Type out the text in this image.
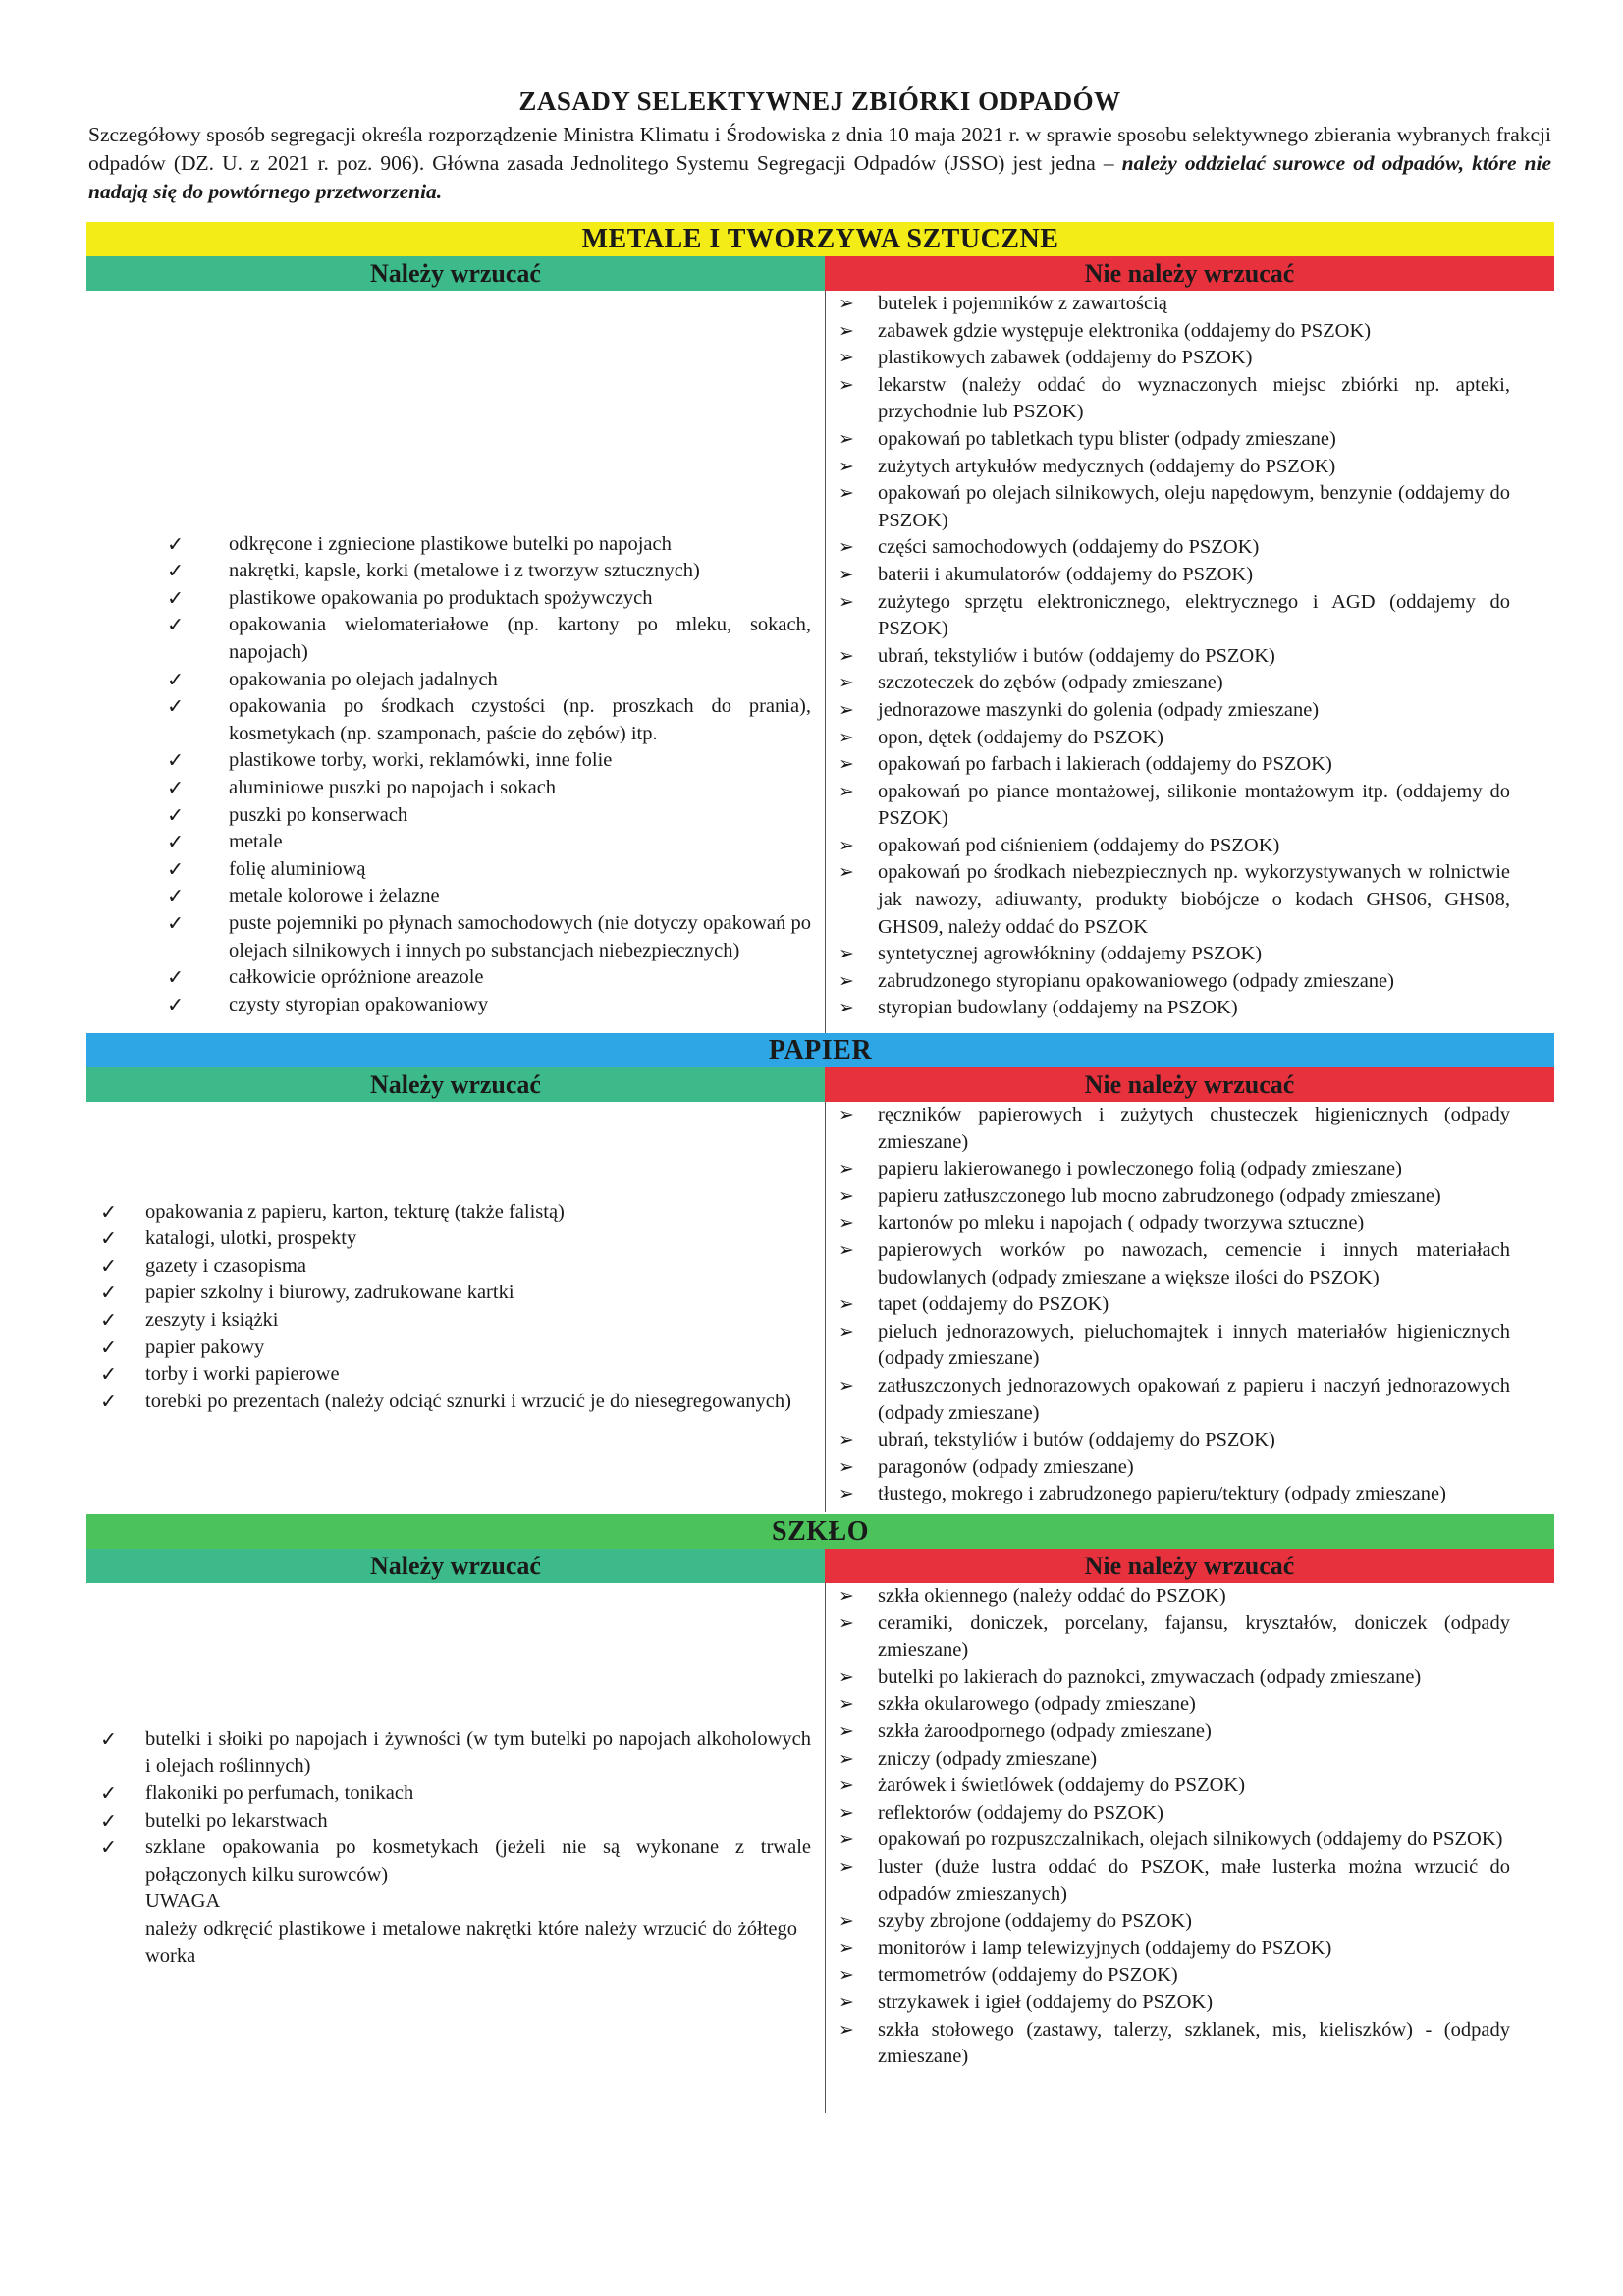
ZASADY SELEKTYWNEJ ZBIÓRKI ODPADÓW
Szczegółowy sposób segregacji określa rozporządzenie Ministra Klimatu i Środowiska z dnia 10 maja 2021 r. w sprawie sposobu selektywnego zbierania wybranych frakcji odpadów (DZ. U. z 2021 r. poz. 906). Główna zasada Jednolitego Systemu Segregacji Odpadów (JSSO) jest jedna – należy oddzielać surowce od odpadów, które nie nadają się do powtórnego przetworzenia.
METALE I TWORZYWA SZTUCZNE
Należy wrzucać	Nie należy wrzucać
✓ odkręcone i zgniecione plastikowe butelki po napojach
✓ nakrętki, kapsle, korki (metalowe i z tworzyw sztucznych)
✓ plastikowe opakowania po produktach spożywczych
✓ opakowania wielomateriałowe (np. kartony po mleku, sokach, napojach)
✓ opakowania po olejach jadalnych
✓ opakowania po środkach czystości (np. proszkach do prania), kosmetykach (np. szamponach, paście do zębów) itp.
✓ plastikowe torby, worki, reklamówki, inne folie
✓ aluminiowe puszki po napojach i sokach
✓ puszki po konserwach
✓ metale
✓ folię aluminiową
✓ metale kolorowe i żelazne
✓ puste pojemniki po płynach samochodowych (nie dotyczy opakowań po olejach silnikowych i innych po substancjach niebezpiecznych)
✓ całkowicie opróżnione areazole
✓ czysty styropian opakowaniowy
➢ butelek i pojemników z zawartością
➢ zabawek gdzie występuje elektronika (oddajemy do PSZOK)
➢ plastikowych zabawek (oddajemy do PSZOK)
➢ lekarstw (należy oddać do wyznaczonych miejsc zbiórki np. apteki, przychodnie lub PSZOK)
➢ opakowań po tabletkach typu blister (odpady zmieszane)
➢ zużytych artykułów medycznych (oddajemy do PSZOK)
➢ opakowań po olejach silnikowych, oleju napędowym, benzynie (oddajemy do PSZOK)
➢ części samochodowych (oddajemy do PSZOK)
➢ baterii i akumulatorów (oddajemy do PSZOK)
➢ zużytego sprzętu elektronicznego, elektrycznego i AGD (oddajemy do PSZOK)
➢ ubrań, tekstyliów i butów (oddajemy do PSZOK)
➢ szczoteczek do zębów (odpady zmieszane)
➢ jednorazowe maszynki do golenia (odpady zmieszane)
➢ opon, dętek (oddajemy do PSZOK)
➢ opakowań po farbach i lakierach (oddajemy do PSZOK)
➢ opakowań po piance montażowej, silikonie montażowym itp. (oddajemy do PSZOK)
➢ opakowań pod ciśnieniem (oddajemy do PSZOK)
➢ opakowań po środkach niebezpiecznych np. wykorzystywanych w rolnictwie jak nawozy, adiuwanty, produkty biobójcze o kodach GHS06, GHS08, GHS09, należy oddać do PSZOK
➢ syntetycznej agrowłókniny (oddajemy PSZOK)
➢ zabrudzonego styropianu opakowaniowego (odpady zmieszane)
➢ styropian budowlany (oddajemy na PSZOK)
PAPIER
Należy wrzucać	Nie należy wrzucać
✓ opakowania z papieru, karton, tekturę (także falistą)
✓ katalogi, ulotki, prospekty
✓ gazety i czasopisma
✓ papier szkolny i biurowy, zadrukowane kartki
✓ zeszyty i książki
✓ papier pakowy
✓ torby i worki papierowe
✓ torebki po prezentach (należy odciąć sznurki i wrzucić je do niesegregowanych)
➢ ręczników papierowych i zużytych chusteczek higienicznych (odpady zmieszane)
➢ papieru lakierowanego i powleczonego folią (odpady zmieszane)
➢ papieru zatłuszczonego lub mocno zabrudzonego (odpady zmieszane)
➢ kartonów po mleku i napojach ( odpady tworzywa sztuczne)
➢ papierowych worków po nawozach, cemencie i innych materiałach budowlanych (odpady zmieszane a większe ilości do PSZOK)
➢ tapet (oddajemy do PSZOK)
➢ pieluch jednorazowych, pieluchomajtek i innych materiałów higienicznych (odpady zmieszane)
➢ zatłuszczonych jednorazowych opakowań z papieru i naczyń jednorazowych (odpady zmieszane)
➢ ubrań, tekstyliów i butów (oddajemy do PSZOK)
➢ paragonów (odpady zmieszane)
➢ tłustego, mokrego i zabrudzonego papieru/tektury (odpady zmieszane)
SZKŁO
Należy wrzucać	Nie należy wrzucać
✓ butelki i słoiki po napojach i żywności (w tym butelki po napojach alkoholowych i olejach roślinnych)
✓ flakoniki po perfumach, tonikach
✓ butelki po lekarstwach
✓ szklane opakowania po kosmetykach (jeżeli nie są wykonane z trwale połączonych kilku surowców)
UWAGA
należy odkręcić plastikowe i metalowe nakrętki które należy wrzucić do żółtego worka
➢ szkła okiennego (należy oddać do PSZOK)
➢ ceramiki, doniczek, porcelany, fajansu, kryształów, doniczek (odpady zmieszane)
➢ butelki po lakierach do paznokci, zmywaczach (odpady zmieszane)
➢ szkła okularowego (odpady zmieszane)
➢ szkła żaroodpornego (odpady zmieszane)
➢ zniczy (odpady zmieszane)
➢ żarówek i świetlówek (oddajemy do PSZOK)
➢ reflektorów (oddajemy do PSZOK)
➢ opakowań po rozpuszczalnikach, olejach silnikowych (oddajemy do PSZOK)
➢ luster (duże lustra oddać do PSZOK, małe lusterka można wrzucić do odpadów zmieszanych)
➢ szyby zbrojone (oddajemy do PSZOK)
➢ monitorów i lamp telewizyjnych (oddajemy do PSZOK)
➢ termometrów (oddajemy do PSZOK)
➢ strzykawek i igieł (oddajemy do PSZOK)
➢ szkła stołowego (zastawy, talerzy, szklanek, mis, kieliszków) - (odpady zmieszane)
